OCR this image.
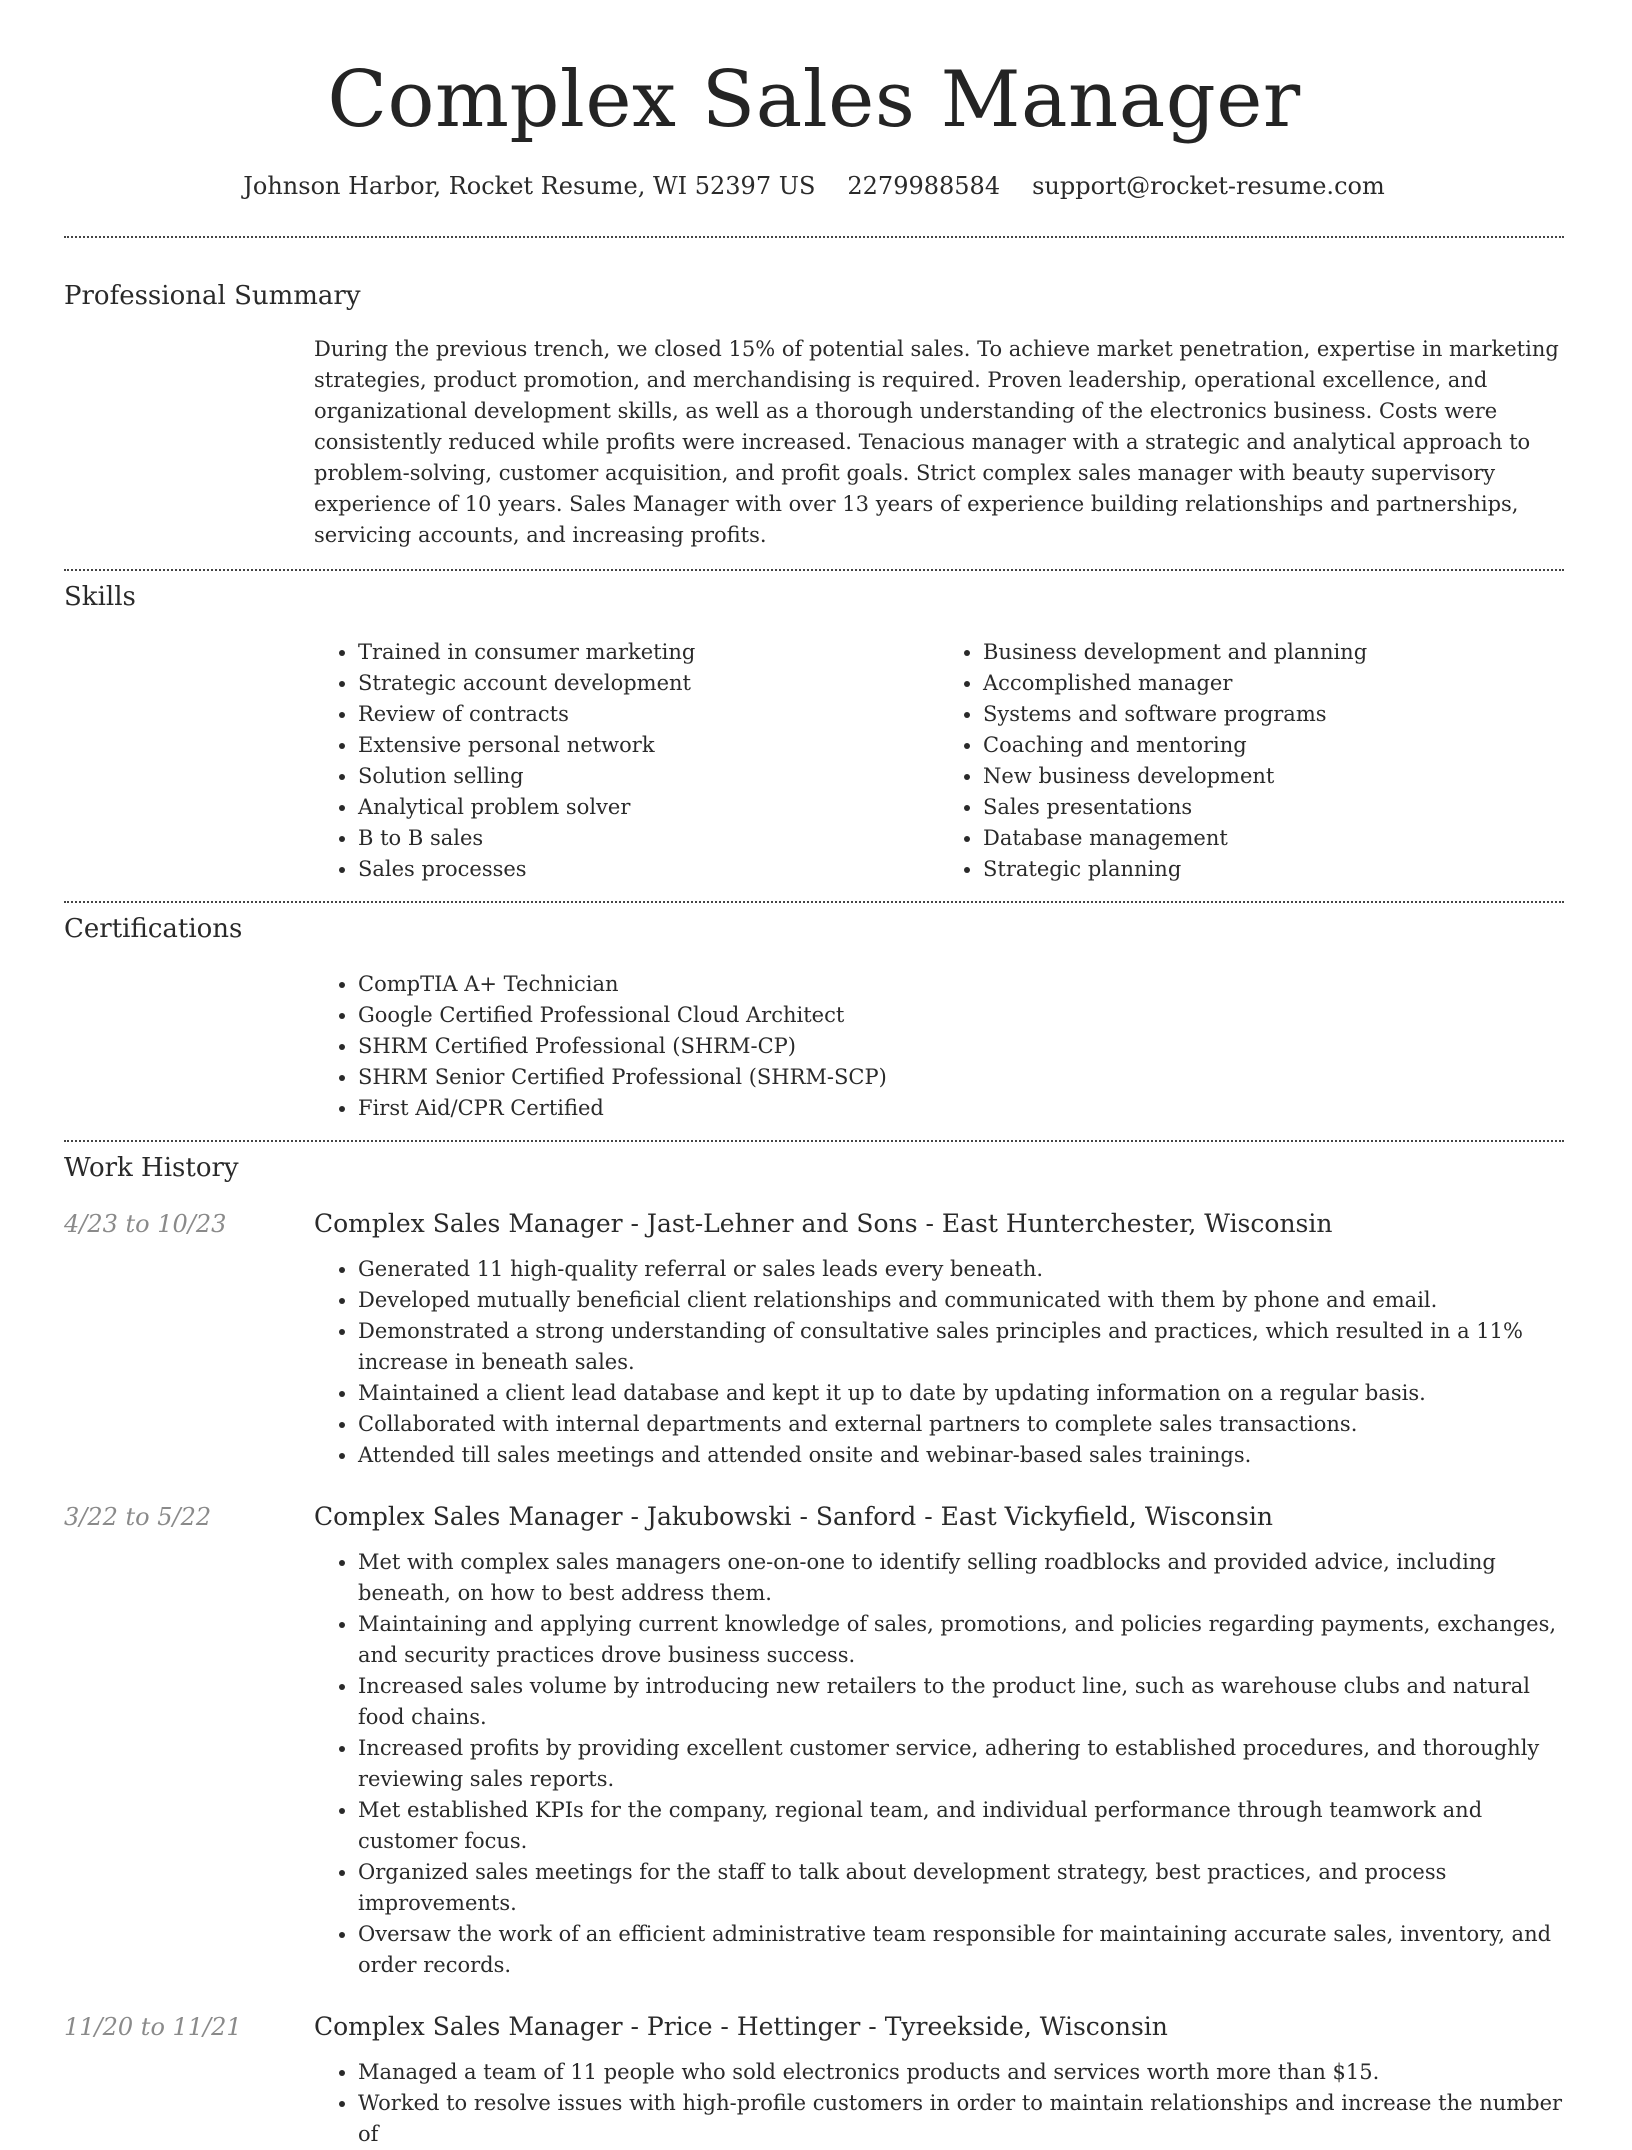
Complex Sales Manager
Johnson Harbor, Rocket Resume, WI 52397 US 2279988584 support@rocket-resume.com
Professional Summary

During the previous trench, we closed 15% of potential sales. To achieve market penetration, expertise in marketing strategies, product promotion, and merchandising is required. Proven leadership, operational excellence, and organizational development skills, as well as a thorough understanding of the electronics business. Costs were consistently reduced while profits were increased. Tenacious manager with a strategic and analytical approach to problem-solving, customer acquisition, and profit goals. Strict complex sales manager with beauty supervisory experience of 10 years. Sales Manager with over 13 years of experience building relationships and partnerships, servicing accounts, and increasing profits.

Skills
• Trained in consumer marketing
• Strategic account development
• Review of contracts
• Extensive personal network
• Solution selling
• Analytical problem solver
• B to B sales
• Sales processes
• Business development and planning
• Accomplished manager
• Systems and software programs
• Coaching and mentoring
• New business development
• Sales presentations
• Database management
• Strategic planning
Certifications
• CompTIA A+ Technician
• Google Certified Professional Cloud Architect
• SHRM Certified Professional (SHRM-CP)
• SHRM Senior Certified Professional (SHRM-SCP)
• First Aid/CPR Certified
Work History
4/23 to 10/23	Complex Sales Manager - Jast-Lehner and Sons - East Hunterchester, Wisconsin
• Generated 11 high-quality referral or sales leads every beneath.
• Developed mutually beneficial client relationships and communicated with them by phone and email.
• Demonstrated a strong understanding of consultative sales principles and practices, which resulted in a 11% increase in beneath sales.
• Maintained a client lead database and kept it up to date by updating information on a regular basis.
• Collaborated with internal departments and external partners to complete sales transactions.
• Attended till sales meetings and attended onsite and webinar-based sales trainings.
3/22 to 5/22	Complex Sales Manager - Jakubowski - Sanford - East Vickyfield, Wisconsin
• Met with complex sales managers one-on-one to identify selling roadblocks and provided advice, including beneath, on how to best address them.
• Maintaining and applying current knowledge of sales, promotions, and policies regarding payments, exchanges, and security practices drove business success.
• Increased sales volume by introducing new retailers to the product line, such as warehouse clubs and natural food chains.
• Increased profits by providing excellent customer service, adhering to established procedures, and thoroughly reviewing sales reports.
• Met established KPIs for the company, regional team, and individual performance through teamwork and customer focus.
• Organized sales meetings for the staff to talk about development strategy, best practices, and process improvements.
• Oversaw the work of an efficient administrative team responsible for maintaining accurate sales, inventory, and order records.
11/20 to 11/21	Complex Sales Manager - Price - Hettinger - Tyreekside, Wisconsin
• Managed a team of 11 people who sold electronics products and services worth more than $15.
• Worked to resolve issues with high-profile customers in order to maintain relationships and increase the number of
